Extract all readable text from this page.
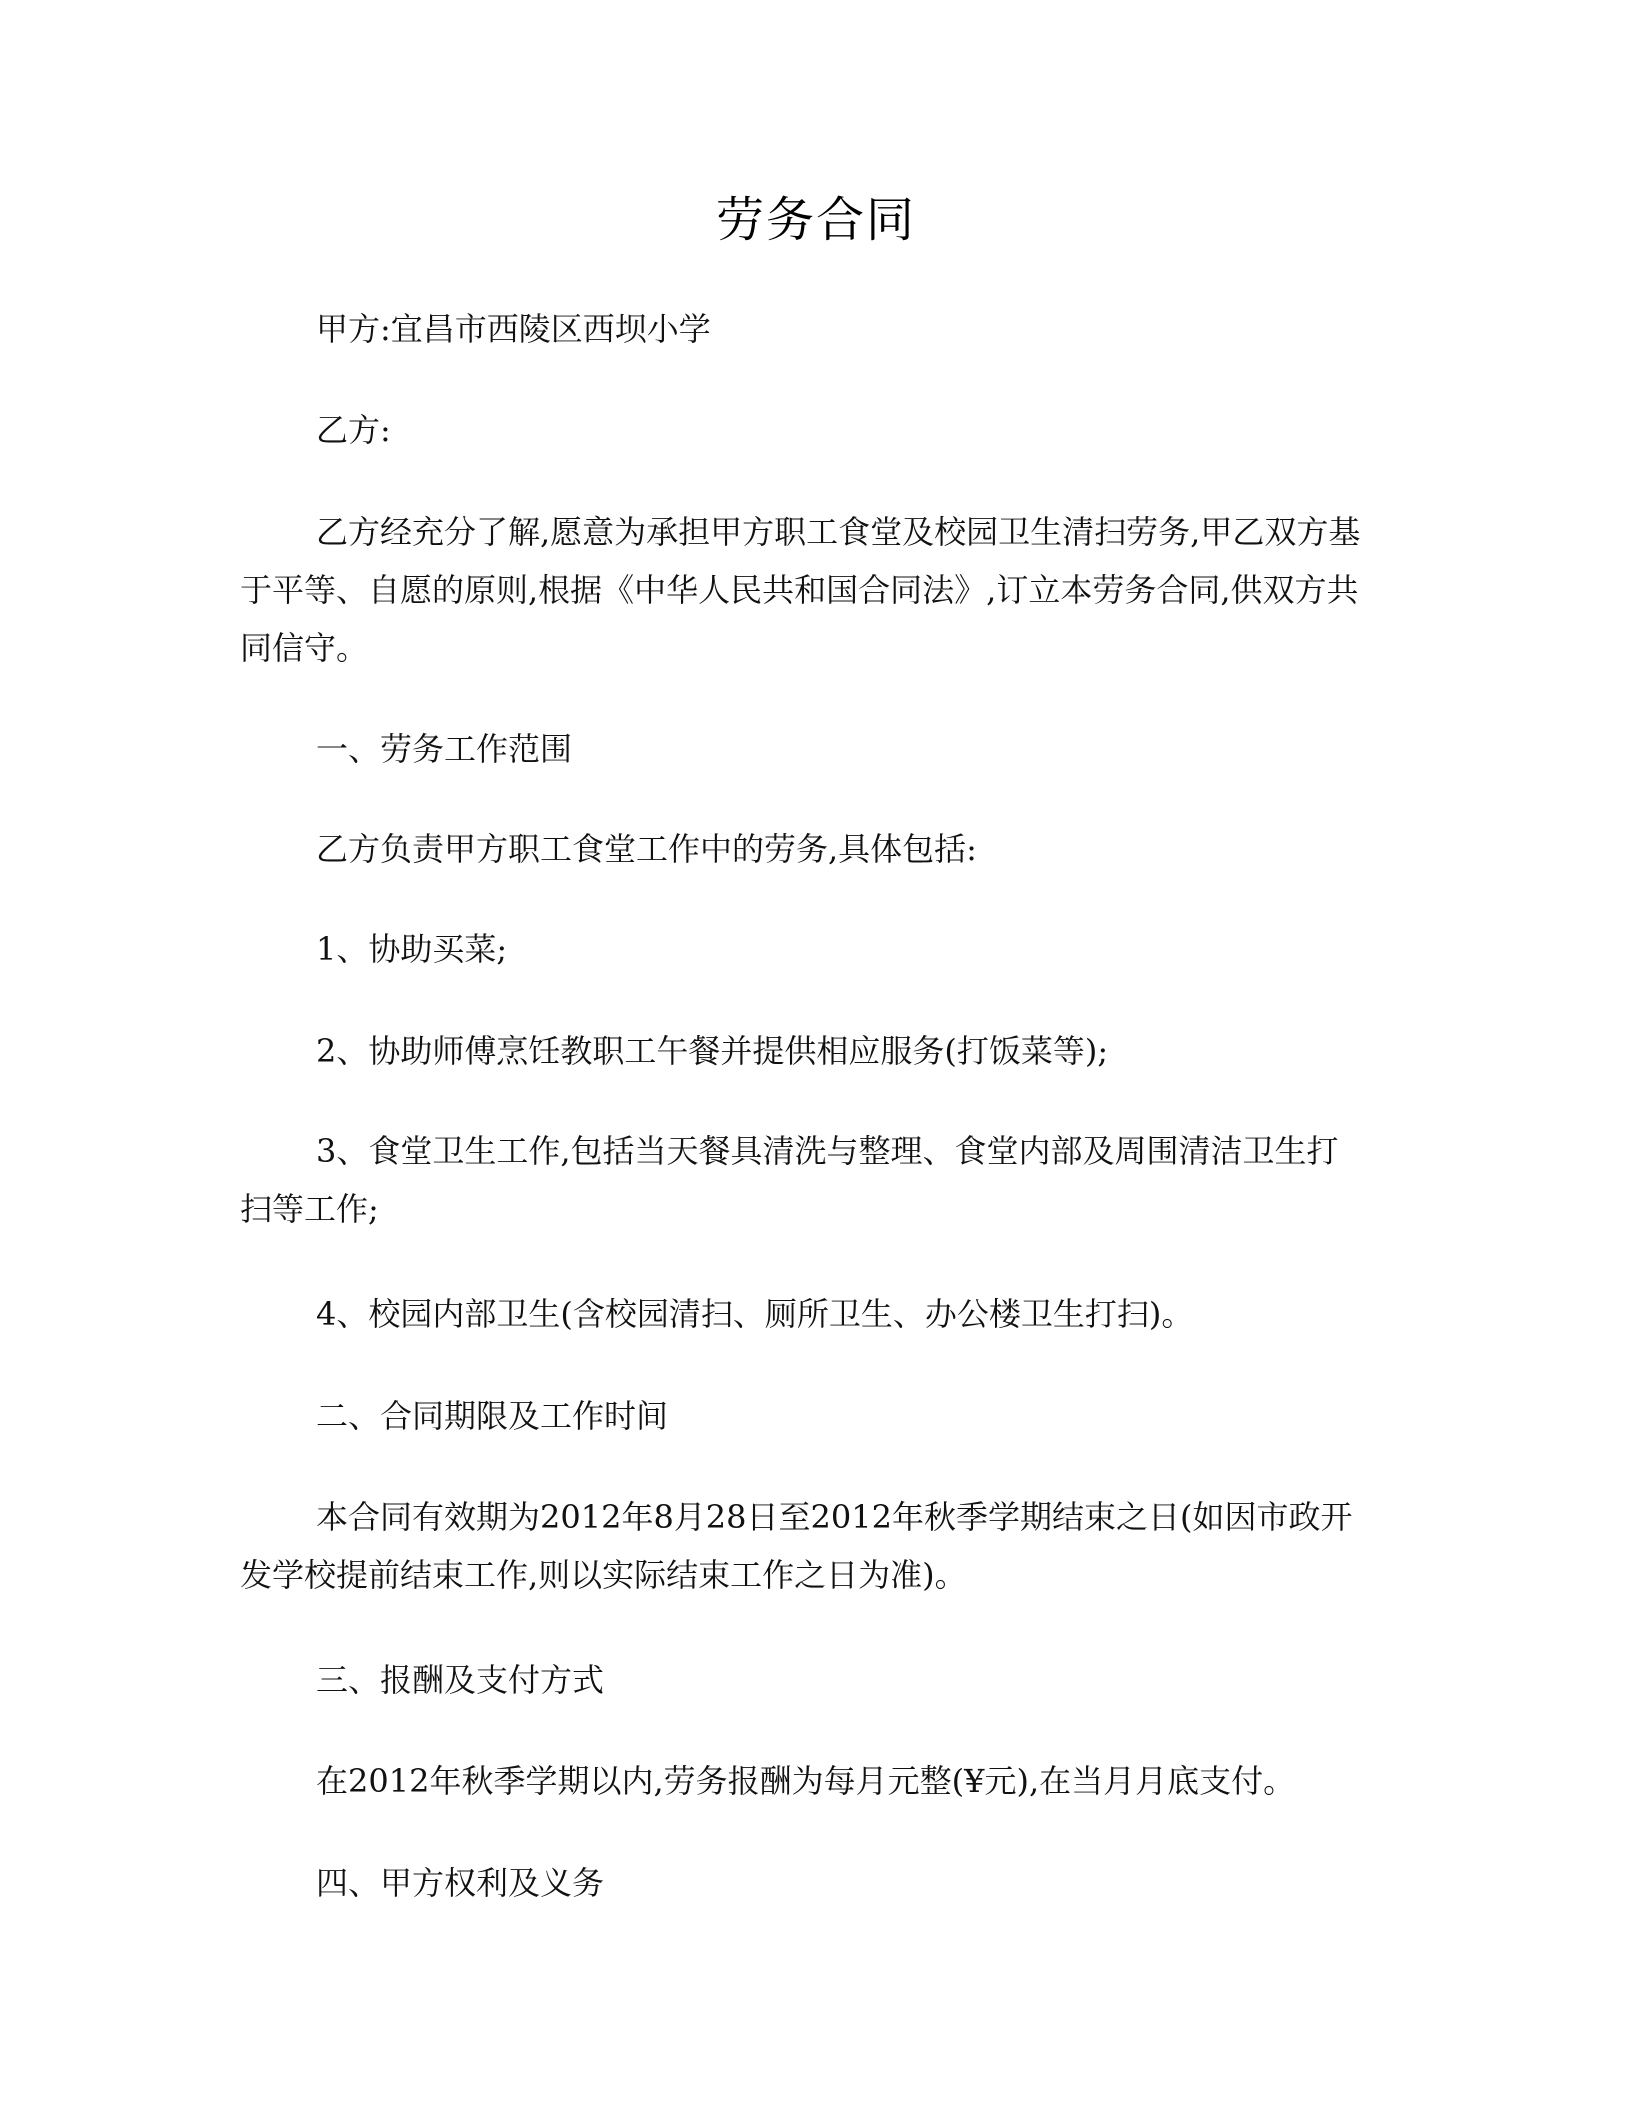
劳务合同
甲方:宜昌市西陵区西坝小学
乙方:
乙方经充分了解,愿意为承担甲方职工食堂及校园卫生清扫劳务,甲乙双方基于平等、自愿的原则,根据《中华人民共和国合同法》,订立本劳务合同,供双方共同信守。
一、劳务工作范围
乙方负责甲方职工食堂工作中的劳务,具体包括:
1、协助买菜;
2、协助师傅烹饪教职工午餐并提供相应服务(打饭菜等);
3、食堂卫生工作,包括当天餐具清洗与整理、食堂内部及周围清洁卫生打扫等工作;
4、校园内部卫生(含校园清扫、厕所卫生、办公楼卫生打扫)。
二、合同期限及工作时间
本合同有效期为2012年8月28日至2012年秋季学期结束之日(如因市政开发学校提前结束工作,则以实际结束工作之日为准)。
三、报酬及支付方式
在2012年秋季学期以内,劳务报酬为每月元整(¥元),在当月月底支付。
四、甲方权利及义务
